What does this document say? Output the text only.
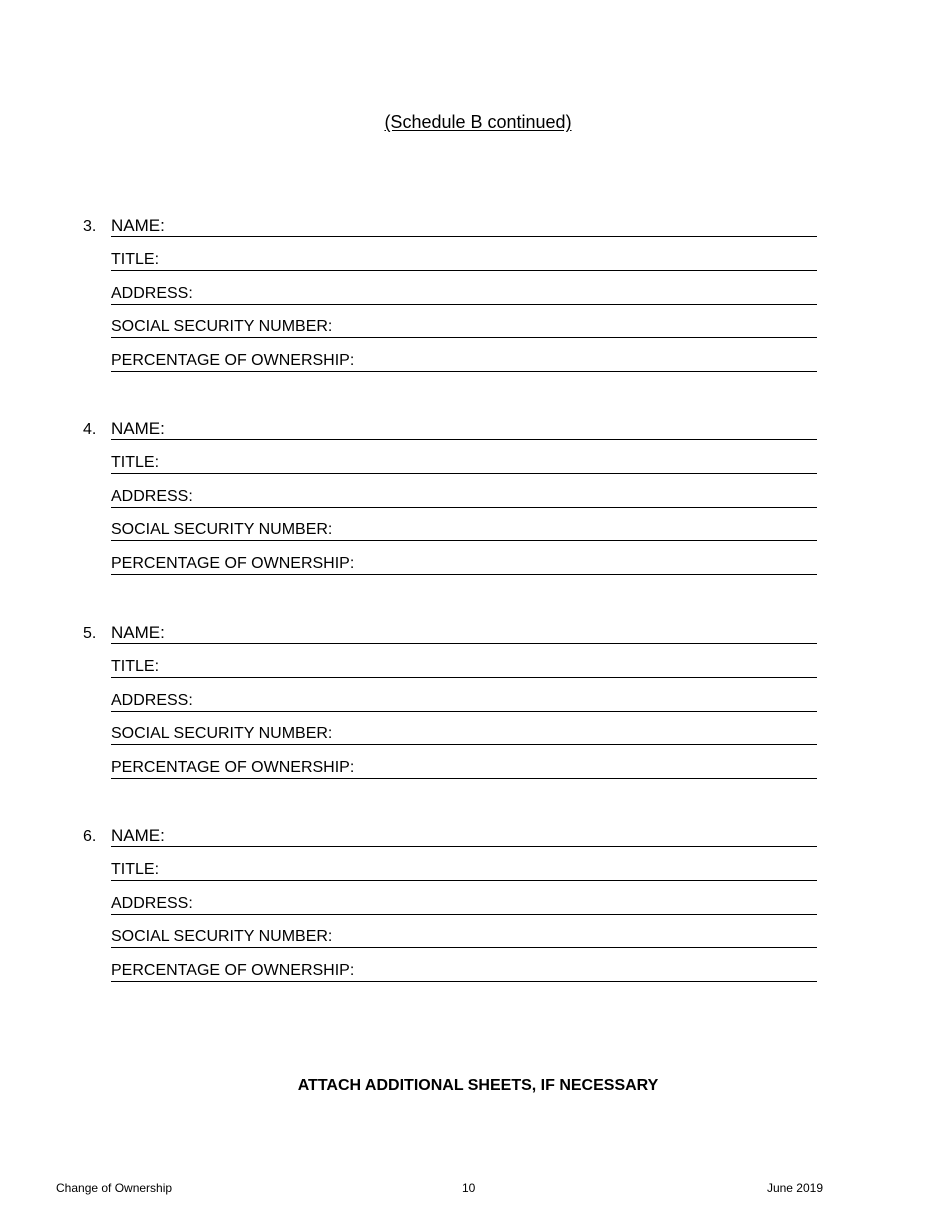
(Schedule B continued)
3. NAME:
TITLE:
ADDRESS:
SOCIAL SECURITY NUMBER:
PERCENTAGE OF OWNERSHIP:
4. NAME:
TITLE:
ADDRESS:
SOCIAL SECURITY NUMBER:
PERCENTAGE OF OWNERSHIP:
5. NAME:
TITLE:
ADDRESS:
SOCIAL SECURITY NUMBER:
PERCENTAGE OF OWNERSHIP:
6. NAME:
TITLE:
ADDRESS:
SOCIAL SECURITY NUMBER:
PERCENTAGE OF OWNERSHIP:
ATTACH ADDITIONAL SHEETS, IF NECESSARY
Change of Ownership	10	June 2019
